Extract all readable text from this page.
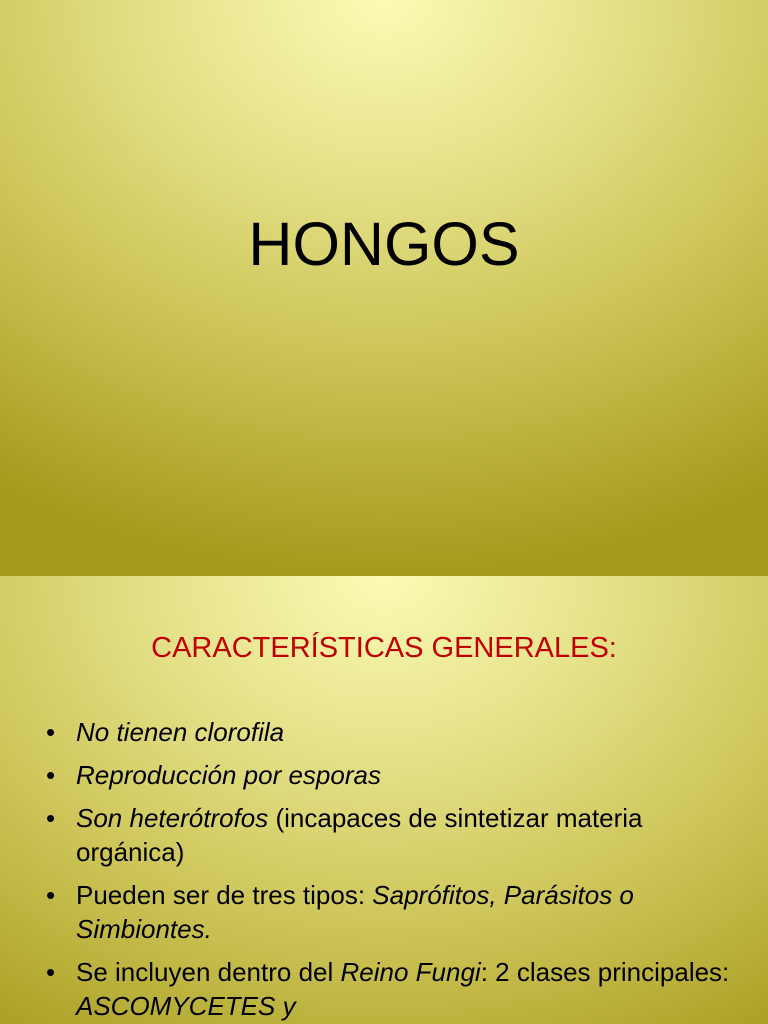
HONGOS
CARACTERÍSTICAS GENERALES:
• No tienen clorofila
• Reproducción por esporas
• Son heterótrofos (incapaces de sintetizar materia orgánica)
• Pueden ser de tres tipos: Saprófitos, Parásitos o Simbiontes.
• Se incluyen dentro del Reino Fungi: 2 clases principales: ASCOMYCETES y
